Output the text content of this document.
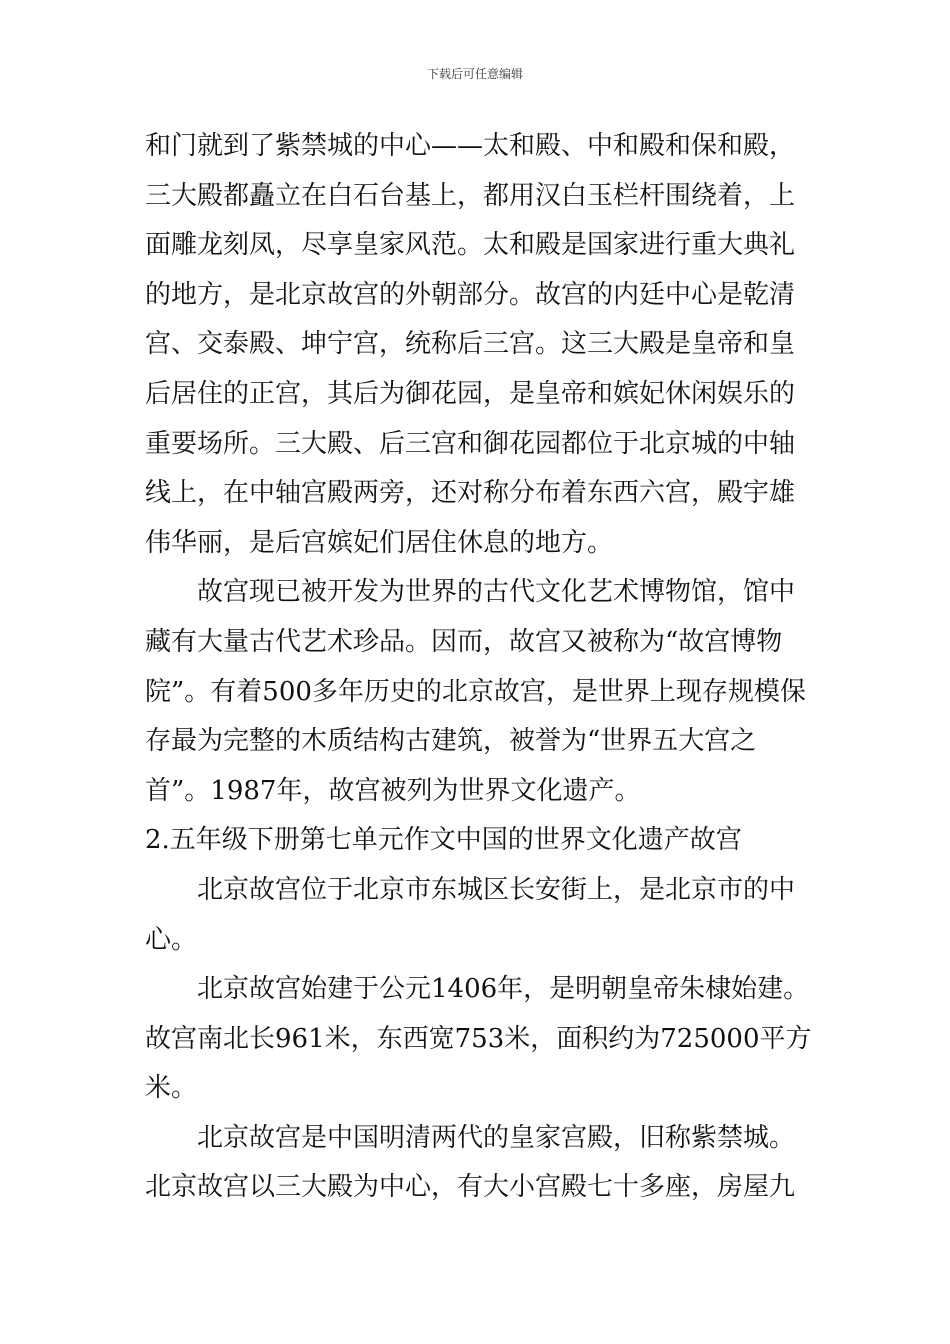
下载后可任意编辑
和门就到了紫禁城的中心——太和殿、中和殿和保和殿，
三大殿都矗立在白石台基上，都用汉白玉栏杆围绕着，上
面雕龙刻凤，尽享皇家风范。太和殿是国家进行重大典礼
的地方，是北京故宫的外朝部分。故宫的内廷中心是乾清
宫、交泰殿、坤宁宫，统称后三宫。这三大殿是皇帝和皇
后居住的正宫，其后为御花园，是皇帝和嫔妃休闲娱乐的
重要场所。三大殿、后三宫和御花园都位于北京城的中轴
线上，在中轴宫殿两旁，还对称分布着东西六宫，殿宇雄
伟华丽，是后宫嫔妃们居住休息的地方。
故宫现已被开发为世界的古代文化艺术博物馆，馆中
藏有大量古代艺术珍品。因而，故宫又被称为“故宫博物
院”。有着500多年历史的北京故宫，是世界上现存规模保
存最为完整的木质结构古建筑，被誉为“世界五大宫之
首”。1987年，故宫被列为世界文化遗产。
2.五年级下册第七单元作文中国的世界文化遗产故宫
北京故宫位于北京市东城区长安街上，是北京市的中
心。
北京故宫始建于公元1406年，是明朝皇帝朱棣始建。
故宫南北长961米，东西宽753米，面积约为725000平方
米。
北京故宫是中国明清两代的皇家宫殿，旧称紫禁城。
北京故宫以三大殿为中心，有大小宫殿七十多座，房屋九
